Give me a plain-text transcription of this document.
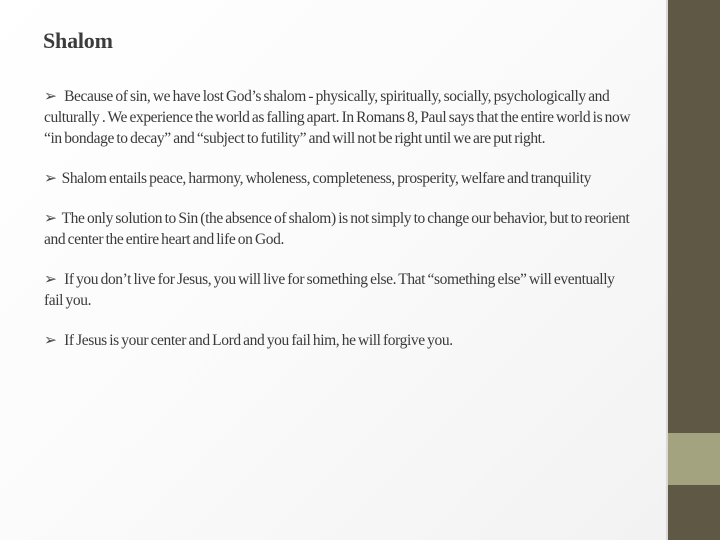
Shalom

➢ Because of sin, we have lost God’s shalom - physically, spiritually, socially, psychologically and culturally . We experience the world as falling apart. In Romans 8, Paul says that the entire world is now “in bondage to decay” and “subject to futility” and will not be right until we are put right.

➢ Shalom entails peace, harmony, wholeness, completeness, prosperity, welfare and tranquility

➢ The only solution to Sin (the absence of shalom) is not simply to change our behavior, but to reorient and center the entire heart and life on God.

➢ If you don’t live for Jesus, you will live for something else. That “something else” will eventually fail you.

➢ If Jesus is your center and Lord and you fail him, he will forgive you.
